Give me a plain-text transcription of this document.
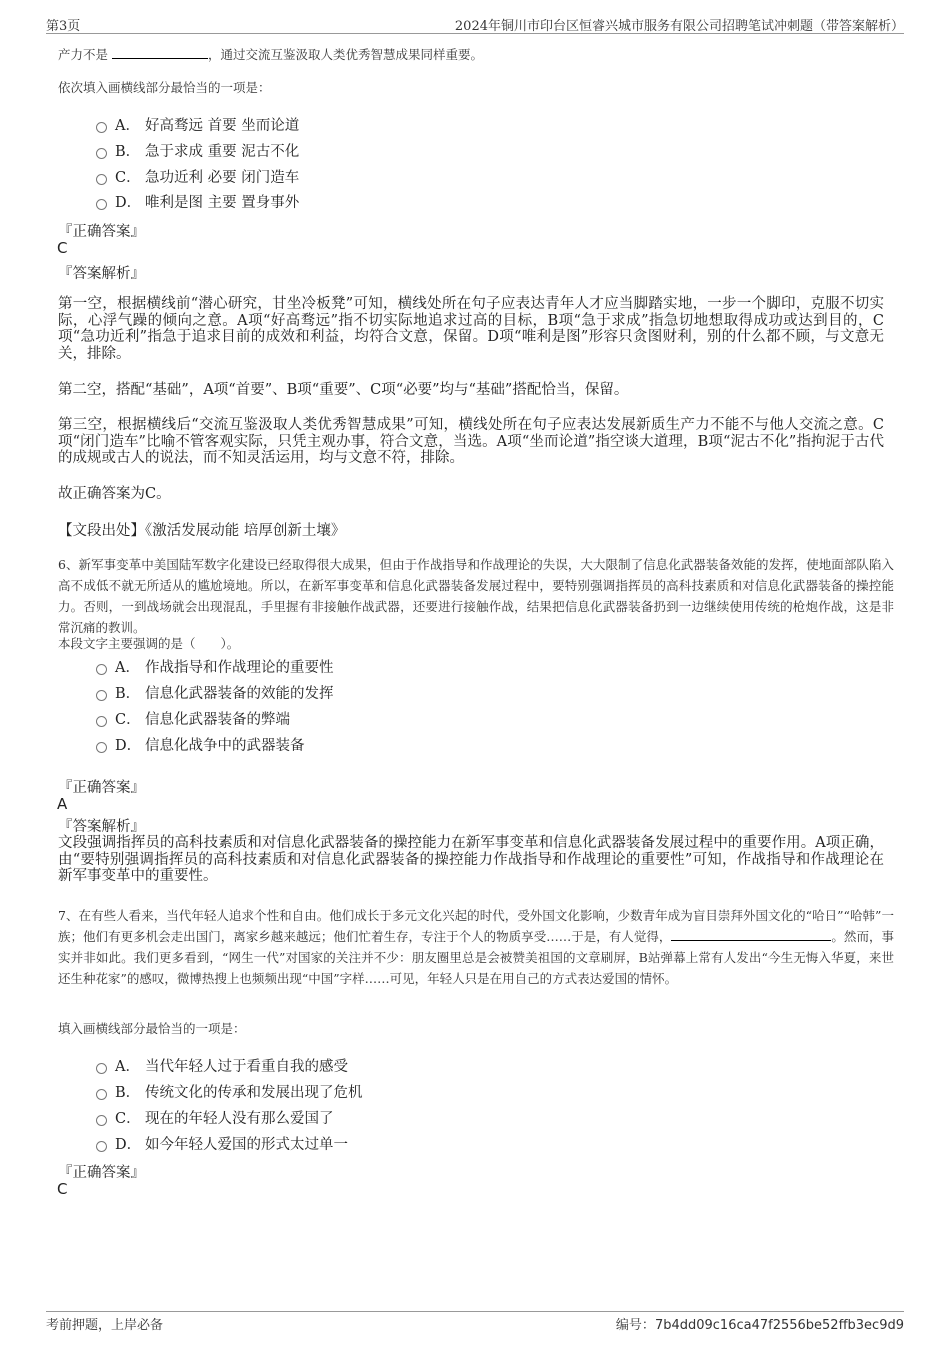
第3页	2024年铜川市印台区恒睿兴城市服务有限公司招聘笔试冲刺题（带答案解析）
产力不是	，通过交流互鉴汲取人类优秀智慧成果同样重要。
依次填入画横线部分最恰当的一项是：
A． 好高骛远 首要 坐而论道
B． 急于求成 重要 泥古不化
C． 急功近利 必要 闭门造车
D． 唯利是图 主要 置身事外
『正确答案』
C
『答案解析』
第一空，根据横线前“潜心研究，甘坐冷板凳”可知，横线处所在句子应表达青年人才应当脚踏实地，一步一个脚印，克服不切实际，心浮气躁的倾向之意。A项“好高骛远”指不切实际地追求过高的目标，B项“急于求成”指急切地想取得成功或达到目的，C项“急功近利”指急于追求目前的成效和利益，均符合文意，保留。D项“唯利是图”形容只贪图财利，别的什么都不顾，与文意无关，排除。
第二空，搭配“基础”，A项“首要”、B项“重要”、C项“必要”均与“基础”搭配恰当，保留。
第三空，根据横线后“交流互鉴汲取人类优秀智慧成果”可知，横线处所在句子应表达发展新质生产力不能不与他人交流之意。C项“闭门造车”比喻不管客观实际，只凭主观办事，符合文意，当选。A项“坐而论道”指空谈大道理，B项“泥古不化”指拘泥于古代的成规或古人的说法，而不知灵活运用，均与文意不符，排除。
故正确答案为C。
【文段出处】《激活发展动能 培厚创新土壤》
6、新军事变革中美国陆军数字化建设已经取得很大成果，但由于作战指导和作战理论的失误，大大限制了信息化武器装备效能的发挥，使地面部队陷入高不成低不就无所适从的尴尬境地。所以，在新军事变革和信息化武器装备发展过程中，要特别强调指挥员的高科技素质和对信息化武器装备的操控能力。否则，一到战场就会出现混乱，手里握有非接触作战武器，还要进行接触作战，结果把信息化武器装备扔到一边继续使用传统的枪炮作战，这是非常沉痛的教训。
本段文字主要强调的是（　　）。
A． 作战指导和作战理论的重要性
B． 信息化武器装备的效能的发挥
C． 信息化武器装备的弊端
D． 信息化战争中的武器装备
『正确答案』
A
『答案解析』
文段强调指挥员的高科技素质和对信息化武器装备的操控能力在新军事变革和信息化武器装备发展过程中的重要作用。A项正确，由“要特别强调指挥员的高科技素质和对信息化武器装备的操控能力作战指导和作战理论的重要性”可知，作战指导和作战理论在新军事变革中的重要性。
7、在有些人看来，当代年轻人追求个性和自由。他们成长于多元文化兴起的时代，受外国文化影响，少数青年成为盲目崇拜外国文化的“哈日”“哈韩”一族；他们有更多机会走出国门，离家乡越来越远；他们忙着生存，专注于个人的物质享受……于是，有人觉得，	。然而，事实并非如此。我们更多看到，“网生一代”对国家的关注并不少：朋友圈里总是会被赞美祖国的文章刷屏，B站弹幕上常有人发出“今生无悔入华夏，来世还生种花家”的感叹，微博热搜上也频频出现“中国”字样……可见，年轻人只是在用自己的方式表达爱国的情怀。
填入画横线部分最恰当的一项是：
A． 当代年轻人过于看重自我的感受
B． 传统文化的传承和发展出现了危机
C． 现在的年轻人没有那么爱国了
D． 如今年轻人爱国的形式太过单一
『正确答案』
C
考前押题，上岸必备	编号：7b4dd09c16ca47f2556be52ffb3ec9d9
